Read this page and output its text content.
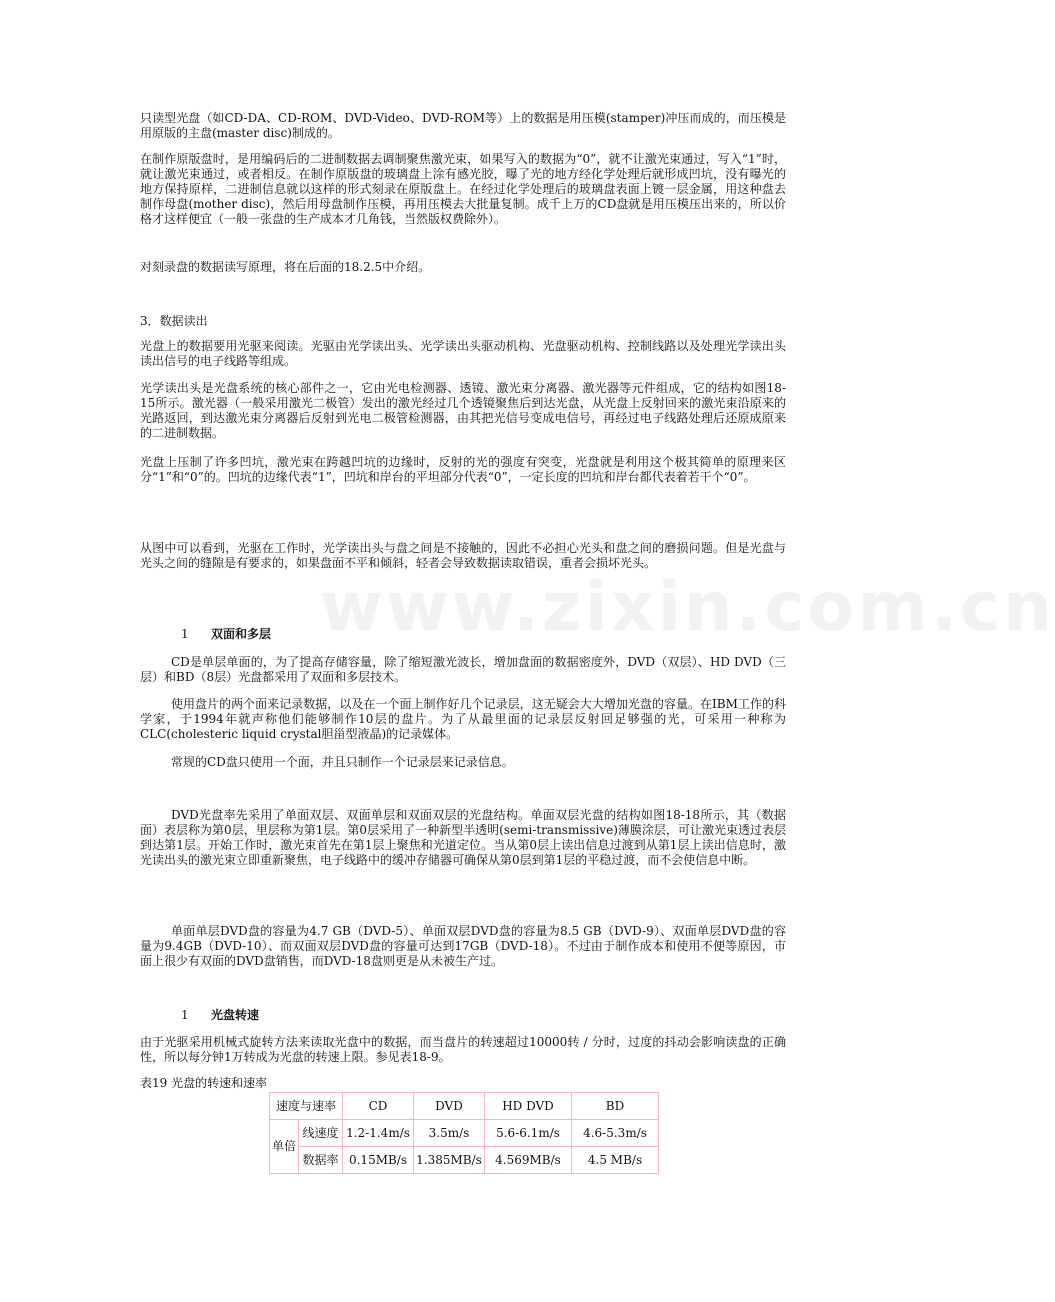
www.zixin.com.cn

只读型光盘（如CD-DA、CD-ROM、DVD-Video、DVD-ROM等）上的数据是用压模(stamper)冲压而成的，而压模是用原版的主盘(master disc)制成的。

在制作原版盘时，是用编码后的二进制数据去调制聚焦激光束，如果写入的数据为“0”，就不让激光束通过，写入“1”时，就让激光束通过，或者相反。在制作原版盘的玻璃盘上涂有感光胶，曝了光的地方经化学处理后就形成凹坑，没有曝光的地方保持原样，二进制信息就以这样的形式刻录在原版盘上。在经过化学处理后的玻璃盘表面上镀一层金属，用这种盘去制作母盘(mother disc)，然后用母盘制作压模，再用压模去大批量复制。成千上万的CD盘就是用压模压出来的，所以价格才这样便宜（一般一张盘的生产成本才几角钱，当然版权费除外）。

对刻录盘的数据读写原理，将在后面的18.2.5中介绍。

3．数据读出

光盘上的数据要用光驱来阅读。光驱由光学读出头、光学读出头驱动机构、光盘驱动机构、控制线路以及处理光学读出头读出信号的电子线路等组成。

光学读出头是光盘系统的核心部件之一，它由光电检测器、透镜、激光束分离器、激光器等元件组成，它的结构如图18-15所示。激光器（一般采用激光二极管）发出的激光经过几个透镜聚焦后到达光盘，从光盘上反射回来的激光束沿原来的光路返回，到达激光束分离器后反射到光电二极管检测器，由其把光信号变成电信号，再经过电子线路处理后还原成原来的二进制数据。

光盘上压制了许多凹坑，激光束在跨越凹坑的边缘时，反射的光的强度有突变，光盘就是利用这个极其简单的原理来区分“1”和“0”的。凹坑的边缘代表“1”，凹坑和岸台的平坦部分代表“0”，一定长度的凹坑和岸台都代表着若干个“0”。

从图中可以看到，光驱在工作时，光学读出头与盘之间是不接触的，因此不必担心光头和盘之间的磨损问题。但是光盘与光头之间的缝隙是有要求的，如果盘面不平和倾斜，轻者会导致数据读取错误，重者会损坏光头。

1 双面和多层

CD是单层单面的，为了提高存储容量，除了缩短激光波长，增加盘面的数据密度外，DVD（双层）、HD DVD（三层）和BD（8层）光盘都采用了双面和多层技术。

使用盘片的两个面来记录数据，以及在一个面上制作好几个记录层，这无疑会大大增加光盘的容量。在IBM工作的科学家，于1994年就声称他们能够制作10层的盘片。为了从最里面的记录层反射回足够强的光，可采用一种称为CLC(cholesteric liquid crystal胆甾型液晶)的记录媒体。

常规的CD盘只使用一个面，并且只制作一个记录层来记录信息。

DVD光盘率先采用了单面双层、双面单层和双面双层的光盘结构。单面双层光盘的结构如图18-18所示，其（数据面）表层称为第0层，里层称为第1层。第0层采用了一种新型半透明(semi-transmissive)薄膜涂层，可让激光束透过表层到达第1层。开始工作时，激光束首先在第1层上聚焦和光道定位。当从第0层上读出信息过渡到从第1层上读出信息时，激光读出头的激光束立即重新聚焦，电子线路中的缓冲存储器可确保从第0层到第1层的平稳过渡，而不会使信息中断。

单面单层DVD盘的容量为4.7 GB（DVD-5）、单面双层DVD盘的容量为8.5 GB（DVD-9）、双面单层DVD盘的容量为9.4GB（DVD-10）、而双面双层DVD盘的容量可达到17GB（DVD-18）。不过由于制作成本和使用不便等原因，市面上很少有双面的DVD盘销售，而DVD-18盘则更是从未被生产过。

1 光盘转速

由于光驱采用机械式旋转方法来读取光盘中的数据，而当盘片的转速超过10000转 / 分时，过度的抖动会影响读盘的正确性，所以每分钟1万转成为光盘的转速上限。参见表18-9。

表19 光盘的转速和速率

速度与速率		CD	DVD	HD DVD	BD
单倍	线速度	1.2-1.4m/s	3.5m/s	5.6-6.1m/s	4.6-5.3m/s
	数据率	0.15MB/s	1.385MB/s	4.569MB/s	4.5 MB/s
